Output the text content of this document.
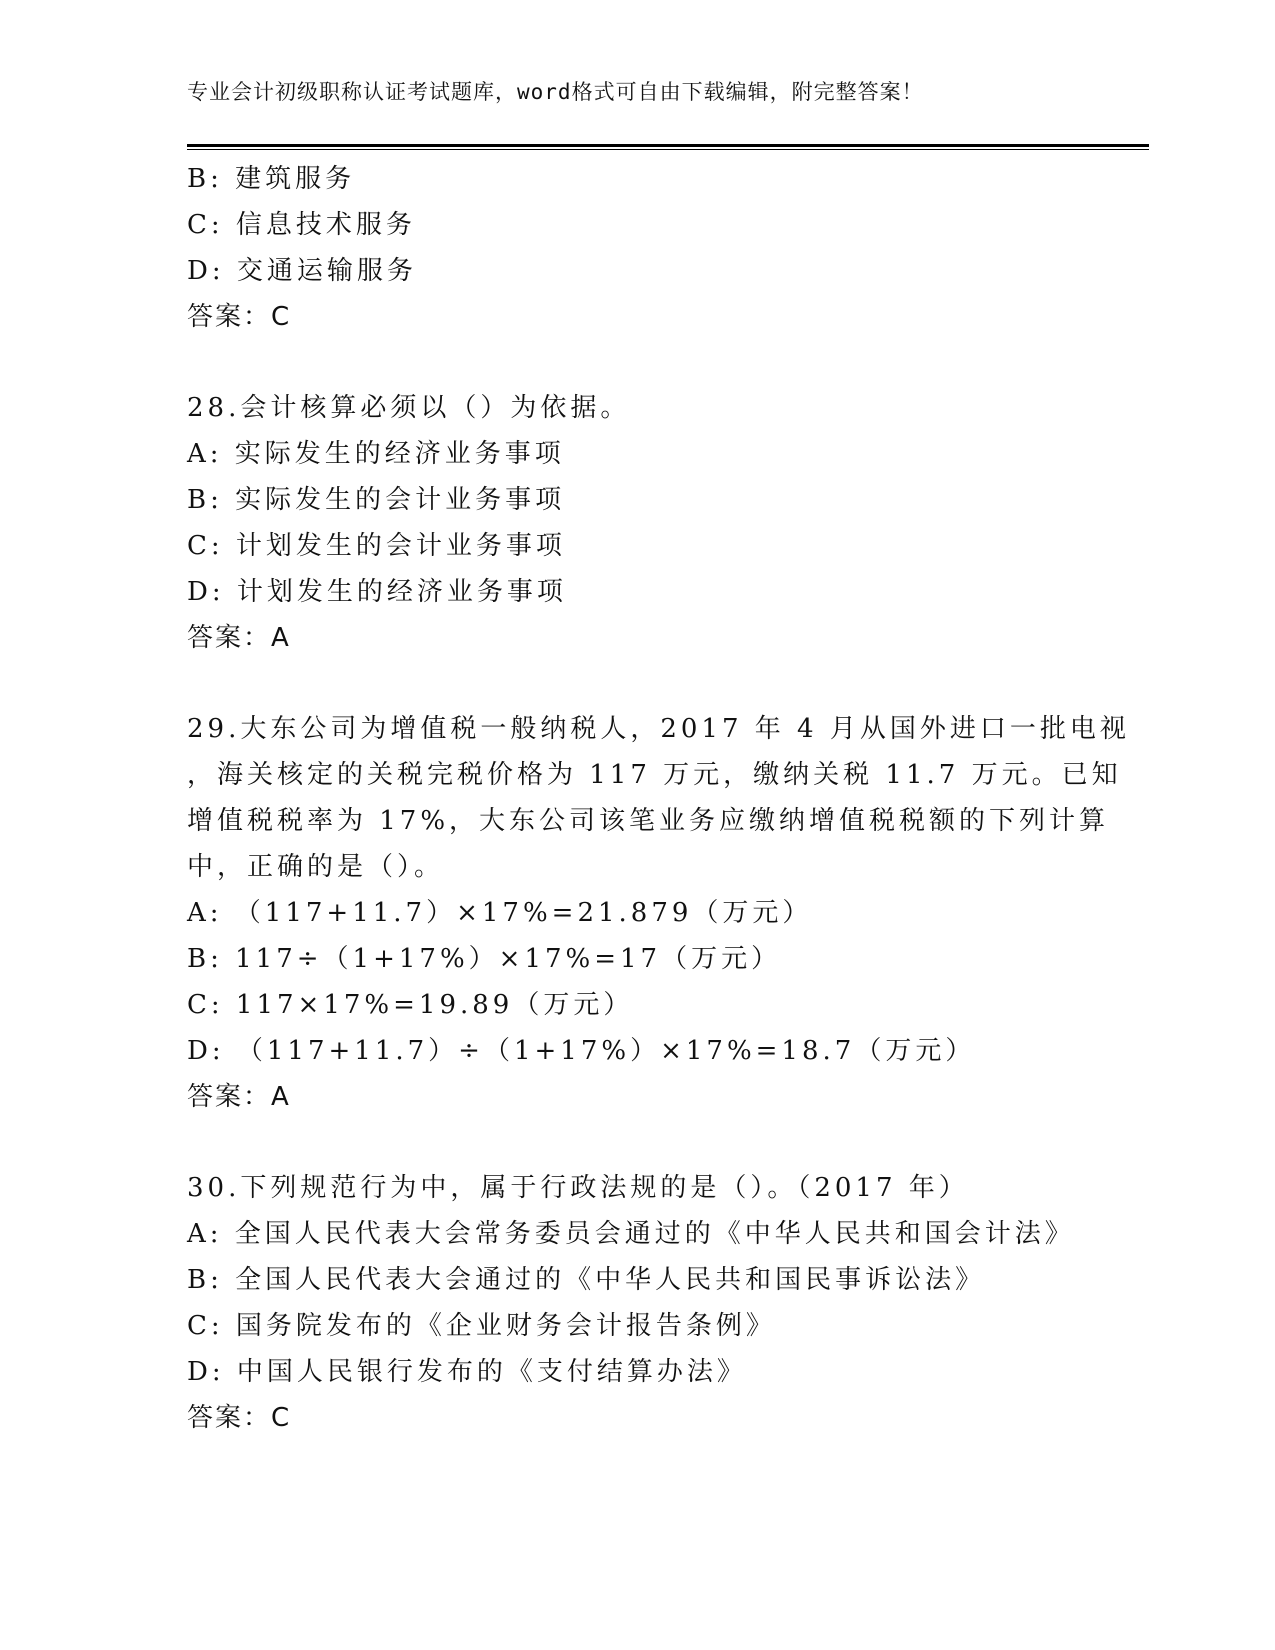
专业会计初级职称认证考试题库，word格式可自由下载编辑，附完整答案！
B: 建筑服务
C: 信息技术服务
D: 交通运输服务
答案：C
28.会计核算必须以（）为依据。
A: 实际发生的经济业务事项
B: 实际发生的会计业务事项
C: 计划发生的会计业务事项
D: 计划发生的经济业务事项
答案：A
29.大东公司为增值税一般纳税人，2017 年 4 月从国外进口一批电视
，海关核定的关税完税价格为 117 万元，缴纳关税 11.7 万元。已知
增值税税率为 17%，大东公司该笔业务应缴纳增值税税额的下列计算
中，正确的是（）。
A: （117+11.7）×17%=21.879（万元）
B: 117÷（1+17%）×17%=17（万元）
C: 117×17%=19.89（万元）
D: （117+11.7）÷（1+17%）×17%=18.7（万元）
答案：A
30.下列规范行为中，属于行政法规的是（）。（2017 年）
A: 全国人民代表大会常务委员会通过的《中华人民共和国会计法》
B: 全国人民代表大会通过的《中华人民共和国民事诉讼法》
C: 国务院发布的《企业财务会计报告条例》
D: 中国人民银行发布的《支付结算办法》
答案：C
